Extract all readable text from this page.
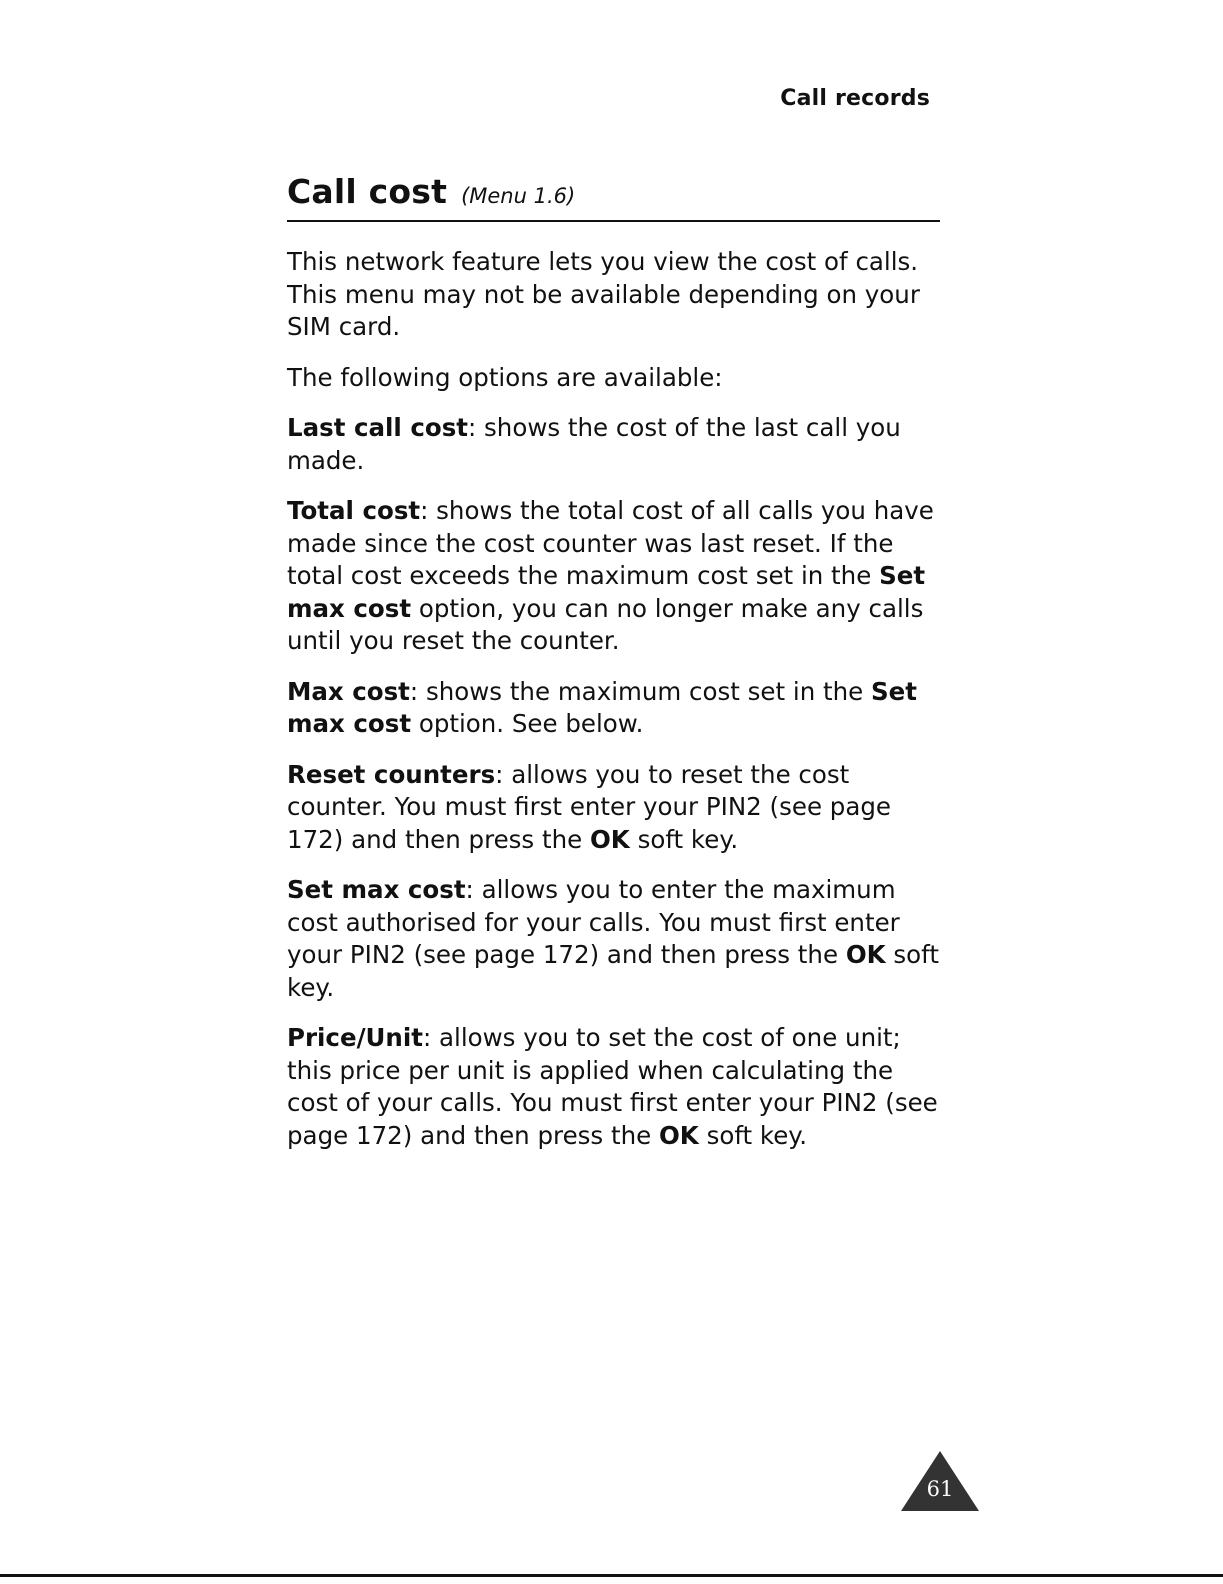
Call records
Call cost (Menu 1.6)

This network feature lets you view the cost of calls. This menu may not be available depending on your SIM card.

The following options are available:

Last call cost: shows the cost of the last call you made.

Total cost: shows the total cost of all calls you have made since the cost counter was last reset. If the total cost exceeds the maximum cost set in the Set max cost option, you can no longer make any calls until you reset the counter.

Max cost: shows the maximum cost set in the Set max cost option. See below.

Reset counters: allows you to reset the cost counter. You must first enter your PIN2 (see page 172) and then press the OK soft key.

Set max cost: allows you to enter the maximum cost authorised for your calls. You must first enter your PIN2 (see page 172) and then press the OK soft key.

Price/Unit: allows you to set the cost of one unit; this price per unit is applied when calculating the cost of your calls. You must first enter your PIN2 (see page 172) and then press the OK soft key.

61
